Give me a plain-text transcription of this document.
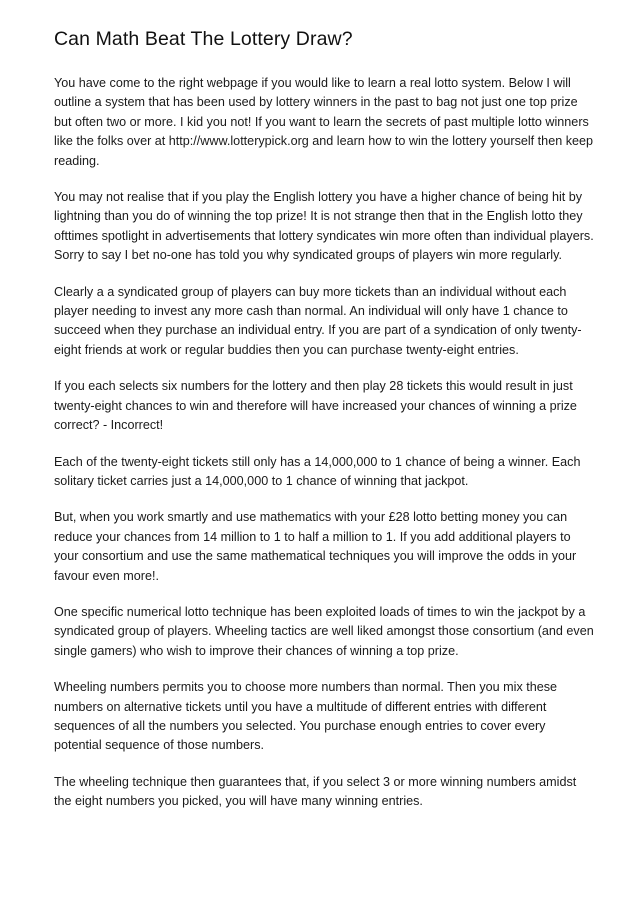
Can Math Beat The Lottery Draw?

You have come to the right webpage if you would like to learn a real lotto system. Below I will outline a system that has been used by lottery winners in the past to bag not just one top prize but often two or more. I kid you not! If you want to learn the secrets of past multiple lotto winners like the folks over at http://www.lotterypick.org and learn how to win the lottery yourself then keep reading.

You may not realise that if you play the English lottery you have a higher chance of being hit by lightning than you do of winning the top prize! It is not strange then that in the English lotto they ofttimes spotlight in advertisements that lottery syndicates win more often than individual players. Sorry to say I bet no-one has told you why syndicated groups of players win more regularly.

Clearly a a syndicated group of players can buy more tickets than an individual without each player needing to invest any more cash than normal. An individual will only have 1 chance to succeed when they purchase an individual entry. If you are part of a syndication of only twenty-eight friends at work or regular buddies then you can purchase twenty-eight entries.

If you each selects six numbers for the lottery and then play 28 tickets this would result in just twenty-eight chances to win and therefore will have increased your chances of winning a prize correct? - Incorrect!

Each of the twenty-eight tickets still only has a 14,000,000 to 1 chance of being a winner. Each solitary ticket carries just a 14,000,000 to 1 chance of winning that jackpot.

But, when you work smartly and use mathematics with your £28 lotto betting money you can reduce your chances from 14 million to 1 to half a million to 1. If you add additional players to your consortium and use the same mathematical techniques you will improve the odds in your favour even more!.

One specific numerical lotto technique has been exploited loads of times to win the jackpot by a syndicated group of players. Wheeling tactics are well liked amongst those consortium (and even single gamers) who wish to improve their chances of winning a top prize.

Wheeling numbers permits you to choose more numbers than normal. Then you mix these numbers on alternative tickets until you have a multitude of different entries with different sequences of all the numbers you selected. You purchase enough entries to cover every potential sequence of those numbers.

The wheeling technique then guarantees that, if you select 3 or more winning numbers amidst the eight numbers you picked, you will have many winning entries.
